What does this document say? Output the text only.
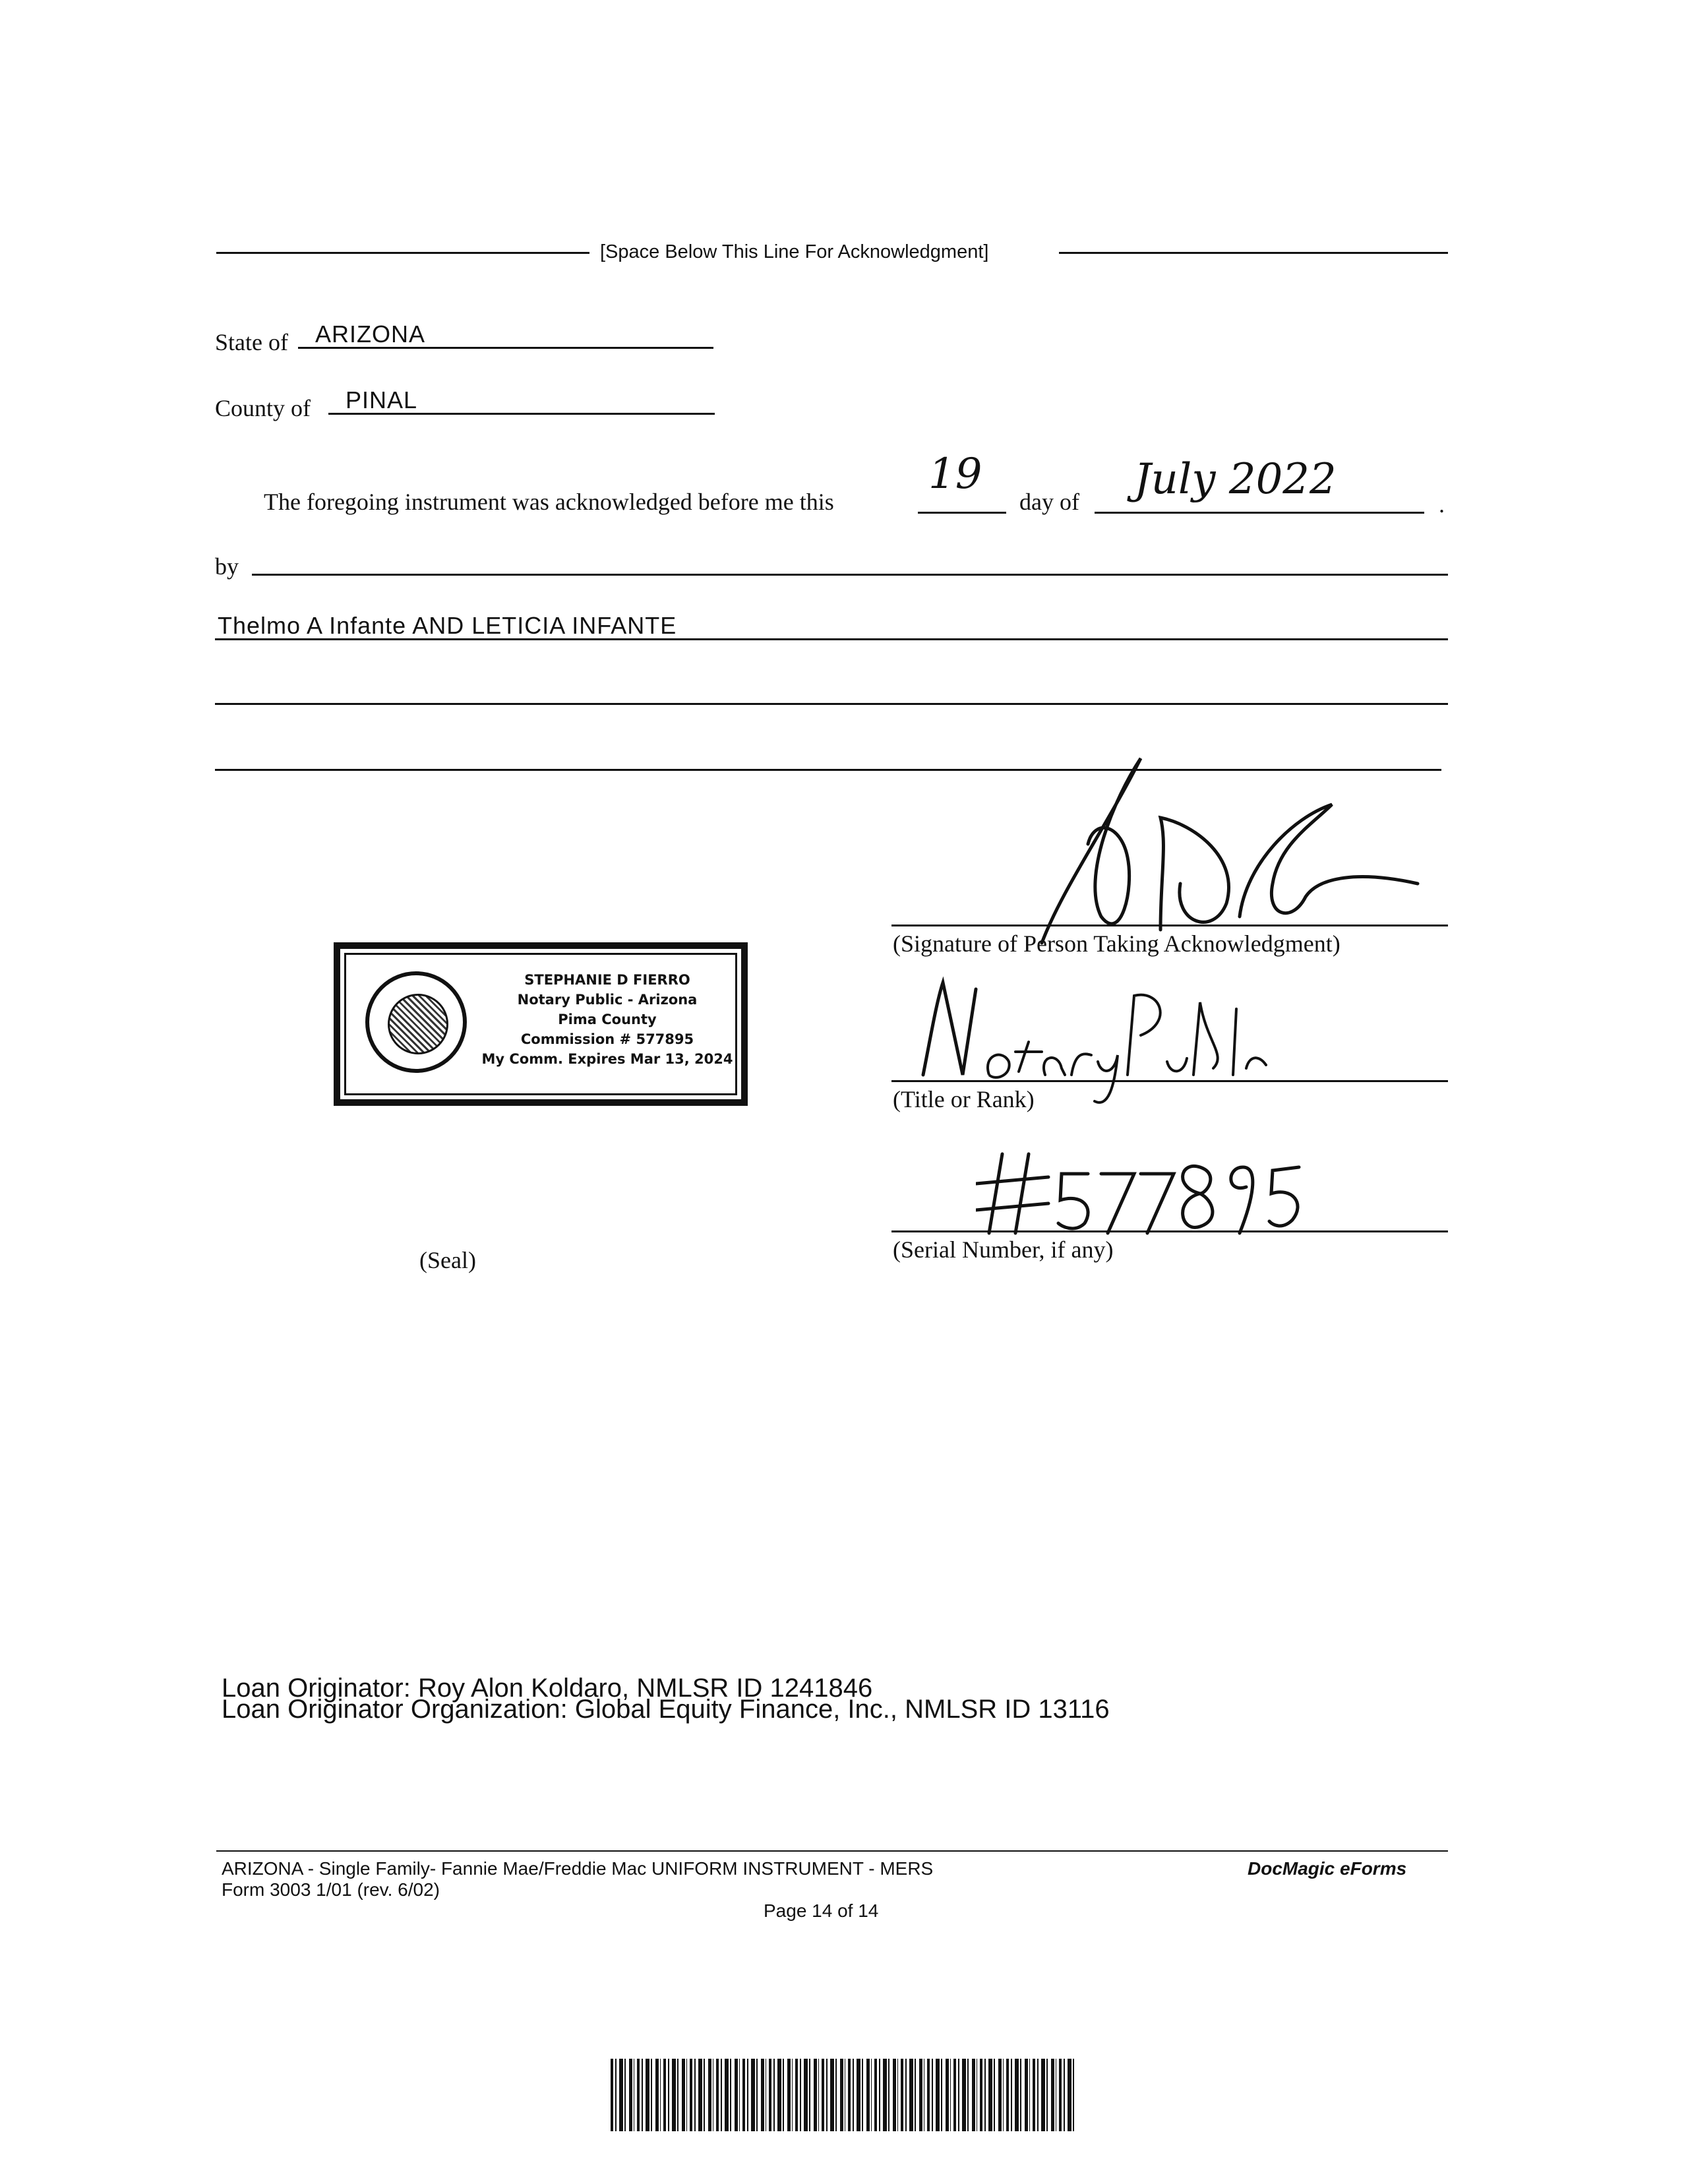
[Space Below This Line For Acknowledgment]
State of ARIZONA
County of PINAL
The foregoing instrument was acknowledged before me this
19
day of July 2022
.
by
Thelmo A Infante AND LETICIA INFANTE
(Signature of Person Taking Acknowledgment)
(Title or Rank)
(Serial Number, if any)
STEPHANIE D FIERRO
Notary Public - Arizona
Pima County
Commission # 577895
My Comm. Expires Mar 13, 2024
(Seal)
Loan Originator: Roy Alon Koldaro, NMLSR ID 1241846
Loan Originator Organization: Global Equity Finance, Inc., NMLSR ID 13116
ARIZONA - Single Family- Fannie Mae/Freddie Mac UNIFORM INSTRUMENT - MERS
Form 3003 1/01 (rev. 6/02)
DocMagic eForms
Page 14 of 14
